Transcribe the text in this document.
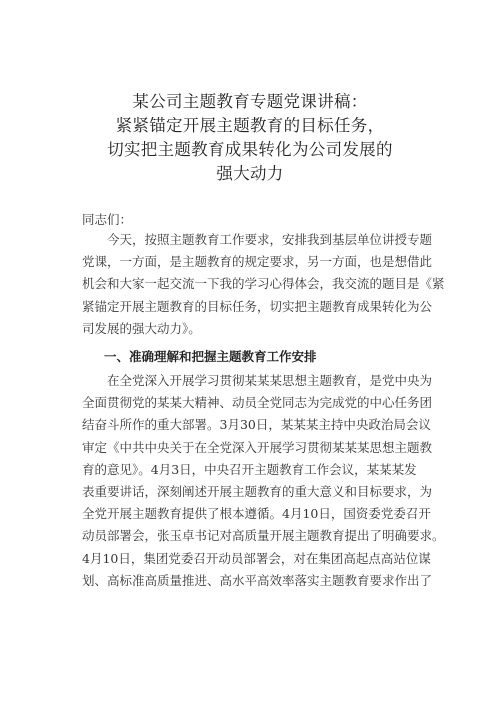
某公司主题教育专题党课讲稿：
紧紧锚定开展主题教育的目标任务，
切实把主题教育成果转化为公司发展的
强大动力
同志们：
　　今天，按照主题教育工作要求，安排我到基层单位讲授专题
党课，一方面，是主题教育的规定要求，另一方面，也是想借此
机会和大家一起交流一下我的学习心得体会，我交流的题目是《紧
紧锚定开展主题教育的目标任务，切实把主题教育成果转化为公
司发展的强大动力》。
一、准确理解和把握主题教育工作安排
　　在全党深入开展学习贯彻某某某思想主题教育，是党中央为
全面贯彻党的某某大精神、动员全党同志为完成党的中心任务团
结奋斗所作的重大部署。3月30日，某某某主持中央政治局会议
审定《中共中央关于在全党深入开展学习贯彻某某某思想主题教
育的意见》。4月3日，中央召开主题教育工作会议，某某某发
表重要讲话，深刻阐述开展主题教育的重大意义和目标要求，为
全党开展主题教育提供了根本遵循。4月10日，国资委党委召开
动员部署会，张玉卓书记对高质量开展主题教育提出了明确要求。
4月10日，集团党委召开动员部署会，对在集团高起点高站位谋
划、高标准高质量推进、高水平高效率落实主题教育要求作出了
